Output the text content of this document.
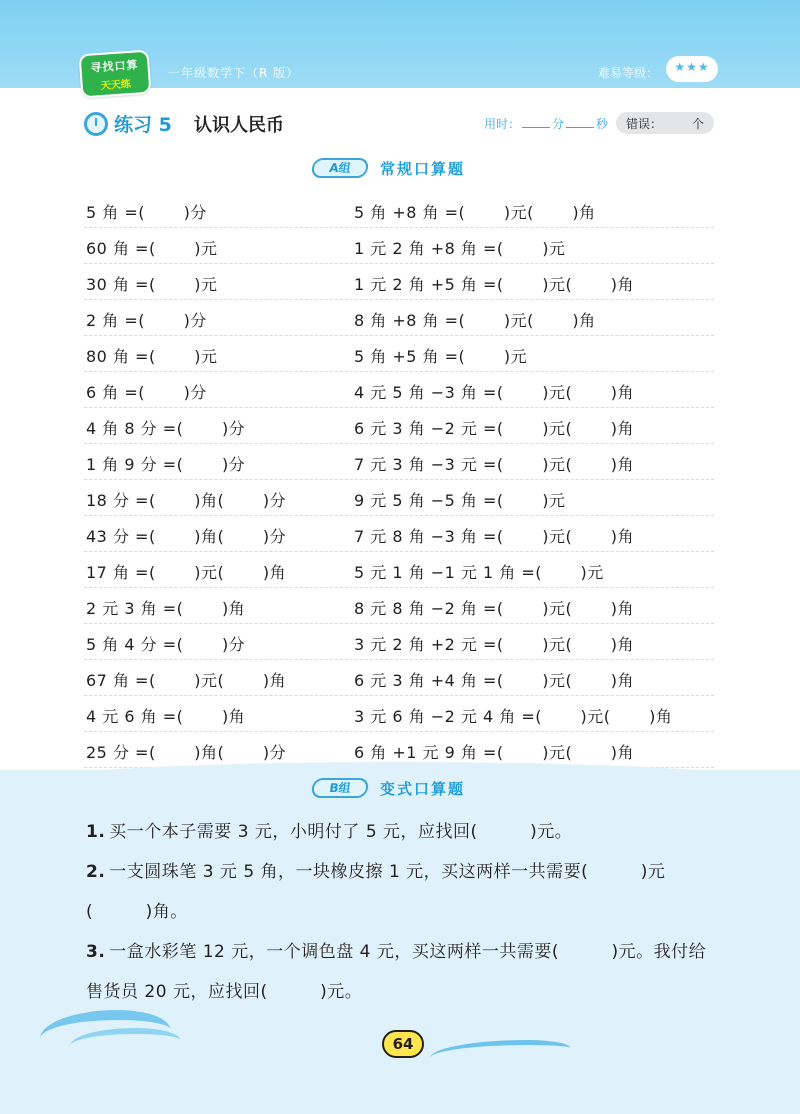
寻找口算
天天练
一年级数学下（R 版）	难易等级：	★★★
练习 5 认识人民币	用时：	分	秒	错误： 个
A组	常规口算题
5 角 =(　　 )分	5 角 +8 角 =(　　 )元(　　 )角
60 角 =(　　 )元	1 元 2 角 +8 角 =(　　 )元
30 角 =(　　 )元	1 元 2 角 +5 角 =(　　 )元(　　 )角
2 角 =(　　 )分	8 角 +8 角 =(　　 )元(　　 )角
80 角 =(　　 )元	5 角 +5 角 =(　　 )元
6 角 =(　　 )分	4 元 5 角 −3 角 =(　　 )元(　　 )角
4 角 8 分 =(　　 )分	6 元 3 角 −2 元 =(　　 )元(　　 )角
1 角 9 分 =(　　 )分	7 元 3 角 −3 元 =(　　 )元(　　 )角
18 分 =(　　 )角(　　 )分	9 元 5 角 −5 角 =(　　 )元
43 分 =(　　 )角(　　 )分	7 元 8 角 −3 角 =(　　 )元(　　 )角
17 角 =(　　 )元(　　 )角	5 元 1 角 −1 元 1 角 =(　　 )元
2 元 3 角 =(　　 )角	8 元 8 角 −2 角 =(　　 )元(　　 )角
5 角 4 分 =(　　 )分	3 元 2 角 +2 元 =(　　 )元(　　 )角
67 角 =(　　 )元(　　 )角	6 元 3 角 +4 角 =(　　 )元(　　 )角
4 元 6 角 =(　　 )角	3 元 6 角 −2 元 4 角 =(　　 )元(　　 )角
25 分 =(　　 )角(　　 )分	6 角 +1 元 9 角 =(　　 )元(　　 )角
B组	变式口算题
1. 买一个本子需要 3 元，小明付了 5 元，应找回(　　　)元。
2. 一支圆珠笔 3 元 5 角，一块橡皮擦 1 元，买这两样一共需要(　　　)元(　　　)角。
3. 一盒水彩笔 12 元，一个调色盘 4 元，买这两样一共需要(　　　)元。我付给售货员 20 元，应找回(　　　)元。
64
